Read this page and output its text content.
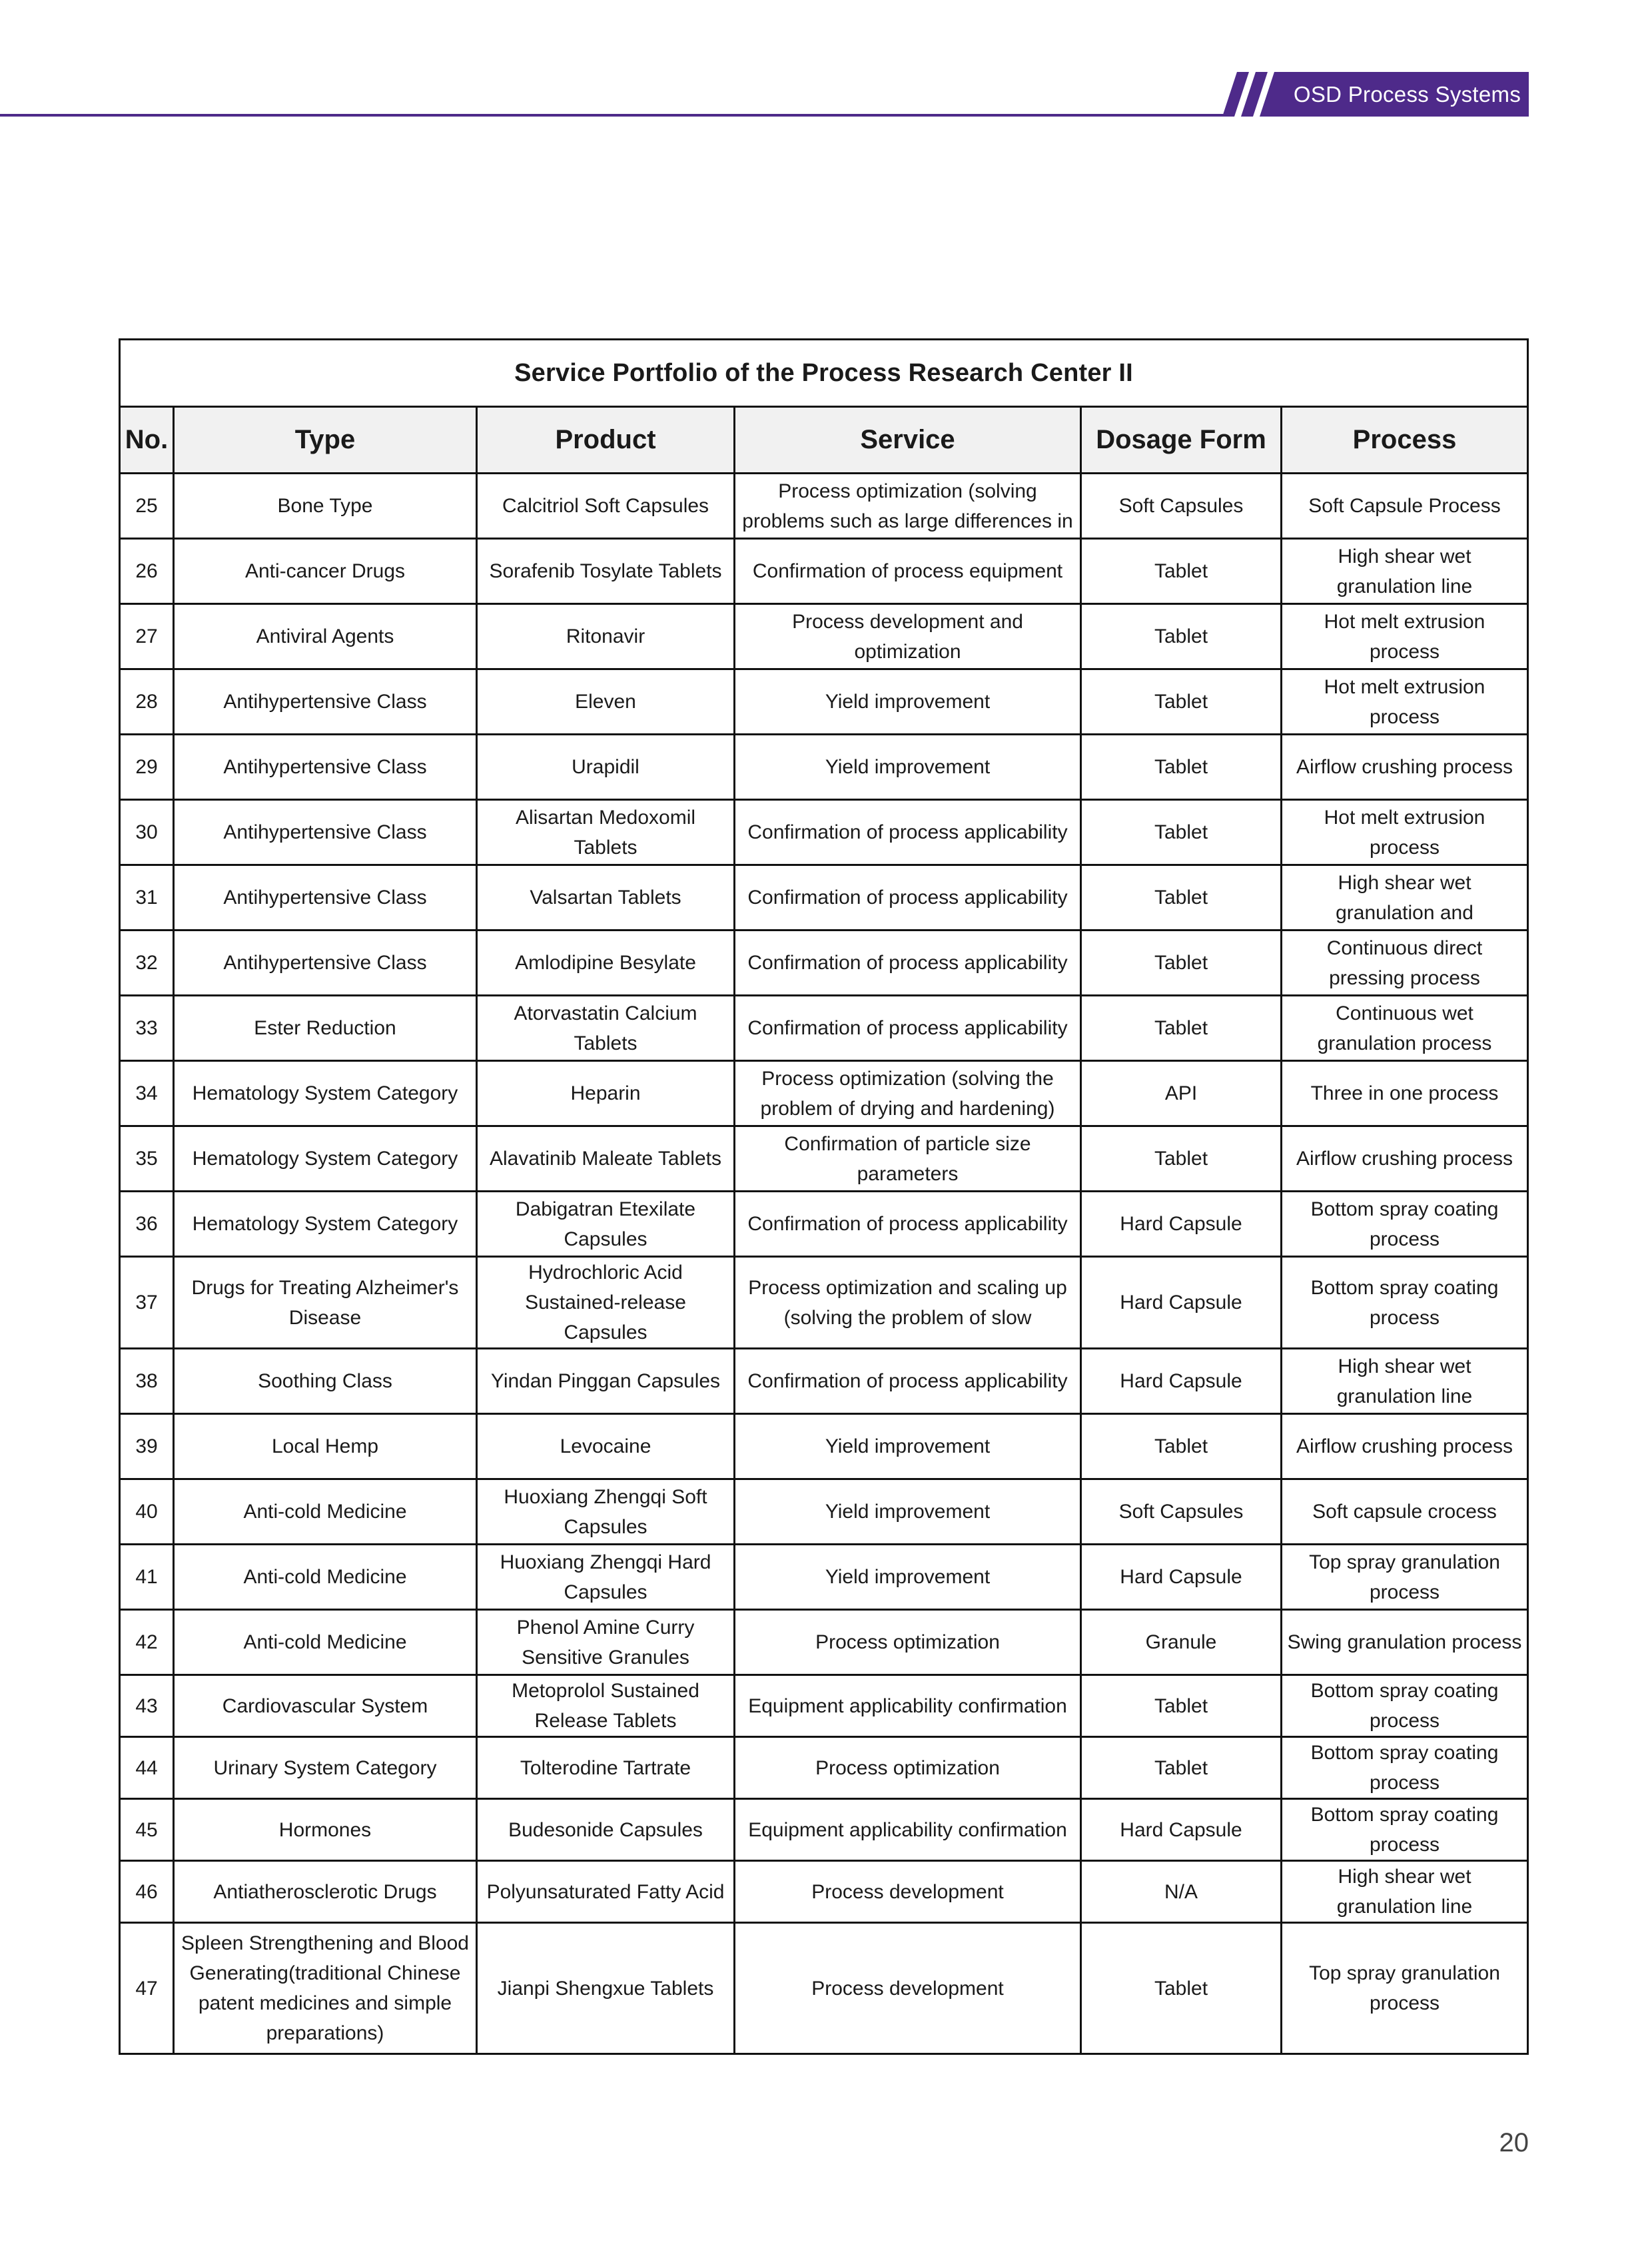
OSD Process Systems
Service Portfolio of the Process Research Center II					
No.	Type	Product	Service	Dosage Form	Process
25	Bone Type	Calcitriol Soft Capsules	Process optimization (solving problems such as large differences in	Soft Capsules	Soft Capsule Process
26	Anti-cancer Drugs	Sorafenib Tosylate Tablets	Confirmation of process equipment	Tablet	High shear wet granulation line
27	Antiviral Agents	Ritonavir	Process development and optimization	Tablet	Hot melt extrusion process
28	Antihypertensive Class	Eleven	Yield improvement	Tablet	Hot melt extrusion process
29	Antihypertensive Class	Urapidil	Yield improvement	Tablet	Airflow crushing process
30	Antihypertensive Class	Alisartan Medoxomil Tablets	Confirmation of process applicability	Tablet	Hot melt extrusion process
31	Antihypertensive Class	Valsartan Tablets	Confirmation of process applicability	Tablet	High shear wet granulation and
32	Antihypertensive Class	Amlodipine Besylate	Confirmation of process applicability	Tablet	Continuous direct pressing process
33	Ester Reduction	Atorvastatin Calcium Tablets	Confirmation of process applicability	Tablet	Continuous wet granulation process
34	Hematology System Category	Heparin	Process optimization (solving the problem of drying and hardening)	API	Three in one process
35	Hematology System Category	Alavatinib Maleate Tablets	Confirmation of particle size parameters	Tablet	Airflow crushing process
36	Hematology System Category	Dabigatran Etexilate Capsules	Confirmation of process applicability	Hard Capsule	Bottom spray coating process
37	Drugs for Treating Alzheimer's Disease	Hydrochloric Acid Sustained-release Capsules	Process optimization and scaling up (solving the problem of slow	Hard Capsule	Bottom spray coating process
38	Soothing Class	Yindan Pinggan Capsules	Confirmation of process applicability	Hard Capsule	High shear wet granulation line
39	Local Hemp	Levocaine	Yield improvement	Tablet	Airflow crushing process
40	Anti-cold Medicine	Huoxiang Zhengqi Soft Capsules	Yield improvement	Soft Capsules	Soft capsule crocess
41	Anti-cold Medicine	Huoxiang Zhengqi Hard Capsules	Yield improvement	Hard Capsule	Top spray granulation process
42	Anti-cold Medicine	Phenol Amine Curry Sensitive Granules	Process optimization	Granule	Swing granulation process
43	Cardiovascular System	Metoprolol Sustained Release Tablets	Equipment applicability confirmation	Tablet	Bottom spray coating process
44	Urinary System Category	Tolterodine Tartrate	Process optimization	Tablet	Bottom spray coating process
45	Hormones	Budesonide Capsules	Equipment applicability confirmation	Hard Capsule	Bottom spray coating process
46	Antiatherosclerotic Drugs	Polyunsaturated Fatty Acid	Process development	N/A	High shear wet granulation line
47	Spleen Strengthening and Blood Generating(traditional Chinese patent medicines and simple preparations)	Jianpi Shengxue Tablets	Process development	Tablet	Top spray granulation process
20
